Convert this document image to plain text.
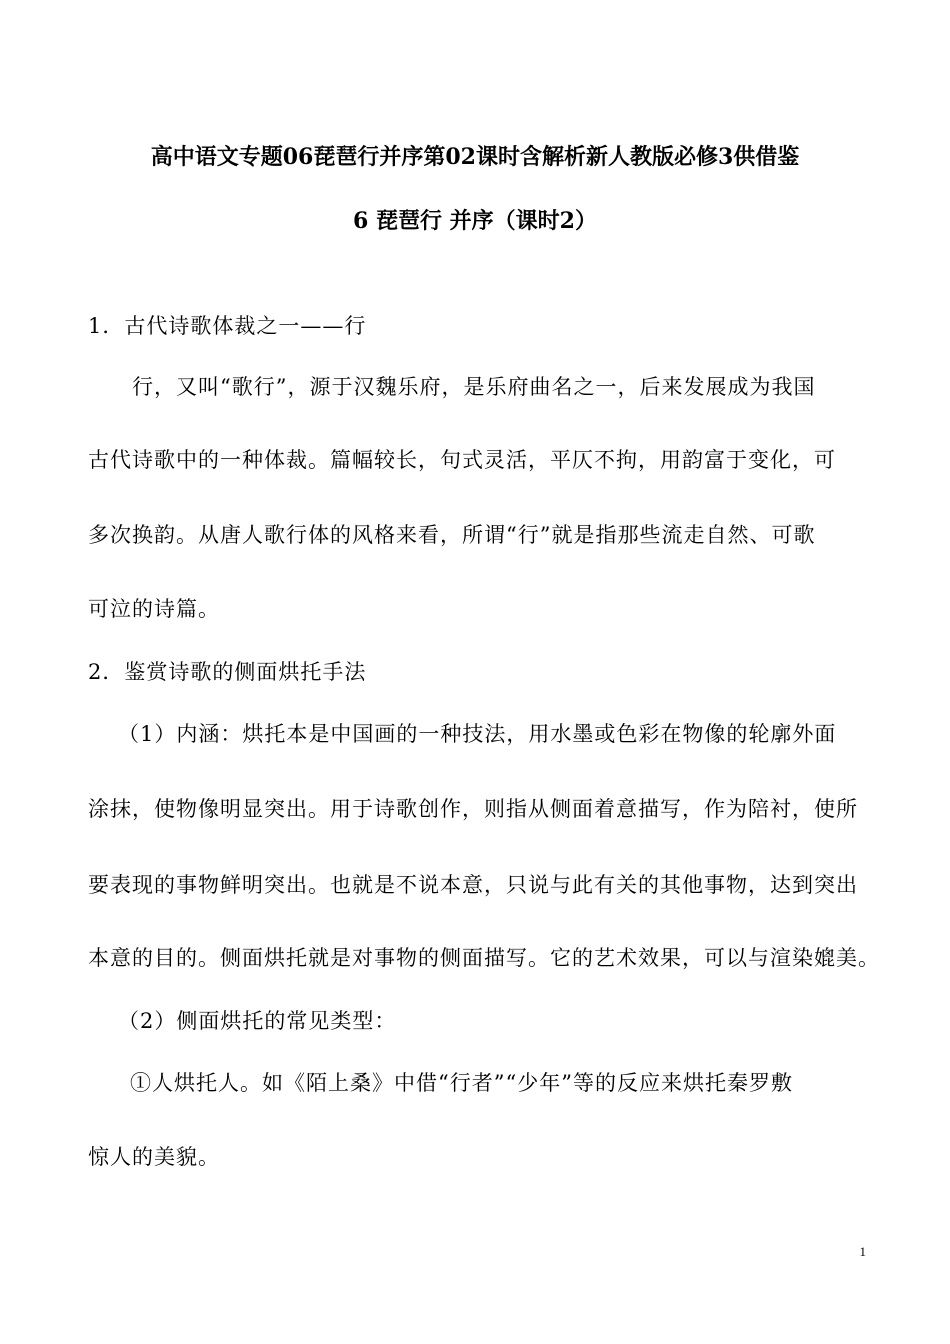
高中语文专题06琵琶行并序第02课时含解析新人教版必修3供借鉴
6 琵琶行 并序（课时2）
1．古代诗歌体裁之一——行
行，又叫“歌行”，源于汉魏乐府，是乐府曲名之一，后来发展成为我国
古代诗歌中的一种体裁。篇幅较长，句式灵活，平仄不拘，用韵富于变化，可
多次换韵。从唐人歌行体的风格来看，所谓“行”就是指那些流走自然、可歌
可泣的诗篇。
2．鉴赏诗歌的侧面烘托手法
（1）内涵：烘托本是中国画的一种技法，用水墨或色彩在物像的轮廓外面
涂抹，使物像明显突出。用于诗歌创作，则指从侧面着意描写，作为陪衬，使所
要表现的事物鲜明突出。也就是不说本意，只说与此有关的其他事物，达到突出
本意的目的。侧面烘托就是对事物的侧面描写。它的艺术效果，可以与渲染媲美。
（2）侧面烘托的常见类型：
①人烘托人。如《陌上桑》中借“行者”“少年”等的反应来烘托秦罗敷
惊人的美貌。
1
